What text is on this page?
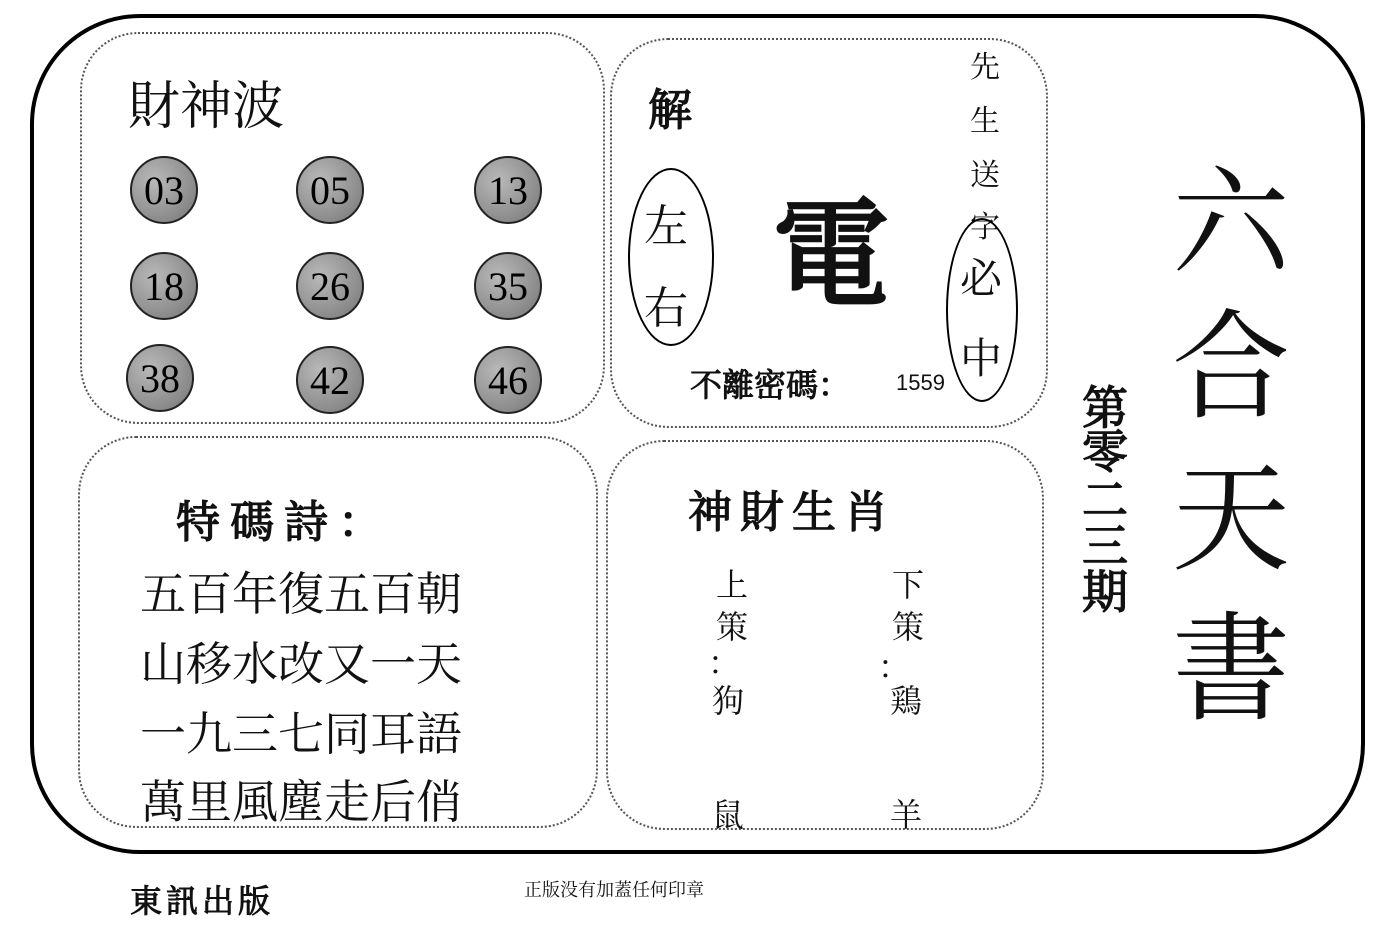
財神波
03	05	13
18	26	35
38	42	46
解
左
右 電
先
生
送
字
必
中
不離密碼： 1559
特碼詩：
五百年復五百朝
山移水改又一天
一九三七同耳語
萬里風塵走后俏
神財生肖
上
策
：
狗
鼠
下
策
：
鶏
羊
六
合
天
書
第
零
二
三
期
東訊出版	正版没有加蓋任何印章
